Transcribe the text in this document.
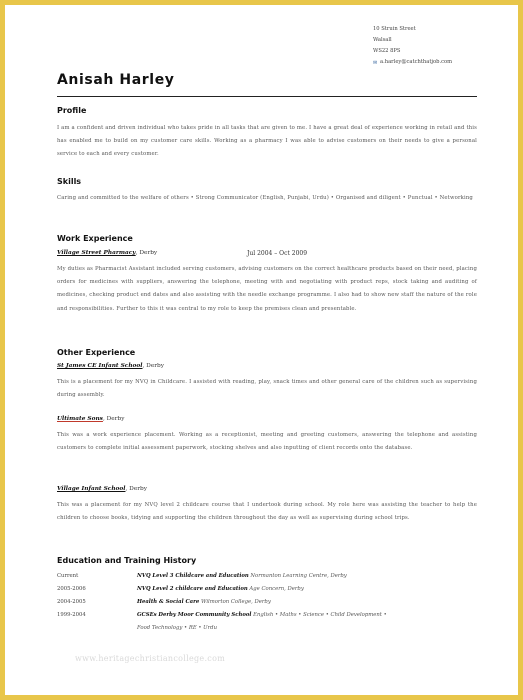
10 Struin Street
Walsall
WS22 8PS
✉ a.harley@catchthatjob.com
Anisah Harley
Profile
I am a confident and driven individual who takes pride in all tasks that are given to me. I have a great deal of experience working in retail and this has enabled me to build on my customer care skills. Working as a pharmacy I was able to advise customers on their needs to give a personal service to each and every customer.
Skills
Caring and committed to the welfare of others • Strong Communicator (English, Punjabi, Urdu) • Organised and diligent • Punctual • Networking
Work Experience
Village Street Pharmacy, Derby	Jul 2004 – Oct 2009
My duties as Pharmacist Assistant included serving customers, advising customers on the correct healthcare products based on their need, placing orders for medicines with suppliers, answering the telephone, meeting with and negotiating with product reps, stock taking and auditing of medicines, checking product end dates and also assisting with the needle exchange programme. I also had to show new staff the nature of the role and responsibilities. Further to this it was central to my role to keep the premises clean and presentable.
Other Experience
St James CE Infant School, Derby
This is a placement for my NVQ in Childcare. I assisted with reading, play, snack times and other general care of the children such as supervising during assembly.
Ultimate Sons, Derby
This was a work experience placement. Working as a receptionist, meeting and greeting customers, answering the telephone and assisting customers to complete initial assessment paperwork, stocking shelves and also inputting of client records onto the database.
Village Infant School, Derby
This was a placement for my NVQ level 2 childcare course that I undertook during school. My role here was assisting the teacher to help the children to choose books, tidying and supporting the children throughout the day as well as supervising during school trips.
Education and Training History
Current	NVQ Level 3 Childcare and Education Normanton Learning Centre, Derby
2005-2006	NVQ Level 2 childcare and Education Age Concern, Derby
2004-2005	Health & Social Care Wilmorton College, Derby
1999-2004	GCSEs Derby Moor Community School English • Maths • Science • Child Development •
Food Technology • RE • Urdu
www.heritagechristiancollege.com
